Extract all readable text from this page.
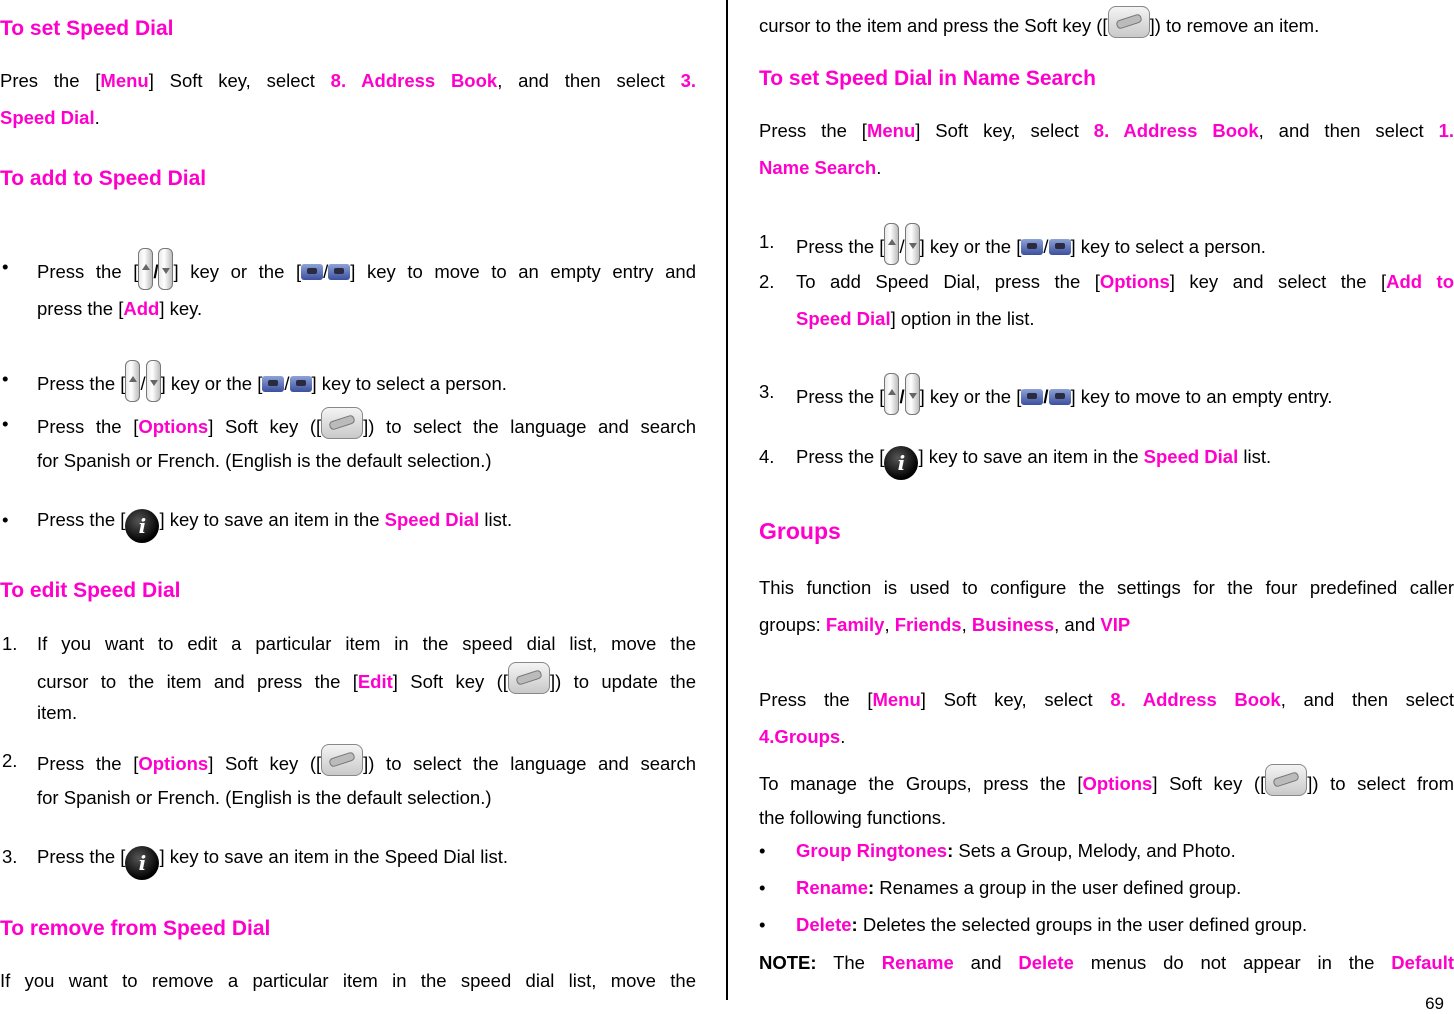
To set Speed Dial
Pres the [Menu] Soft key, select 8. Address Book, and then select 3.
Speed Dial.
To add to Speed Dial
•	Press the [ / ] key or the [ / ] key to move to an empty entry and
press the [Add] key.
•	Press the [ / ] key or the [ / ] key to select a person.
•	Press the [Options] Soft key ([ ]) to select the language and search
for Spanish or French. (English is the default selection.)
•	Press the [ i ] key to save an item in the Speed Dial list.
To edit Speed Dial
1.	If you want to edit a particular item in the speed dial list, move the
cursor to the item and press the [Edit] Soft key ([ ]) to update the
item.
2.	Press the [Options] Soft key ([ ]) to select the language and search
for Spanish or French. (English is the default selection.)
3.	Press the [ i ] key to save an item in the Speed Dial list.
To remove from Speed Dial
If you want to remove a particular item in the speed dial list, move the
cursor to the item and press the Soft key ([ ]) to remove an item.
To set Speed Dial in Name Search
Press the [Menu] Soft key, select 8. Address Book, and then select 1.
Name Search.
1.	Press the [ / ] key or the [ / ] key to select a person.
2.	To add Speed Dial, press the [Options] key and select the [Add to
Speed Dial] option in the list.
3.	Press the [ / ] key or the [ / ] key to move to an empty entry.
4.	Press the [ i ] key to save an item in the Speed Dial list.
Groups
This function is used to configure the settings for the four predefined caller
groups: Family, Friends, Business, and VIP
Press the [Menu] Soft key, select 8. Address Book, and then select
4.Groups.
To manage the Groups, press the [Options] Soft key ([ ]) to select from
the following functions.
•	Group Ringtones: Sets a Group, Melody, and Photo.
•	Rename: Renames a group in the user defined group.
•	Delete: Deletes the selected groups in the user defined group.
NOTE: The Rename and Delete menus do not appear in the Default
69
